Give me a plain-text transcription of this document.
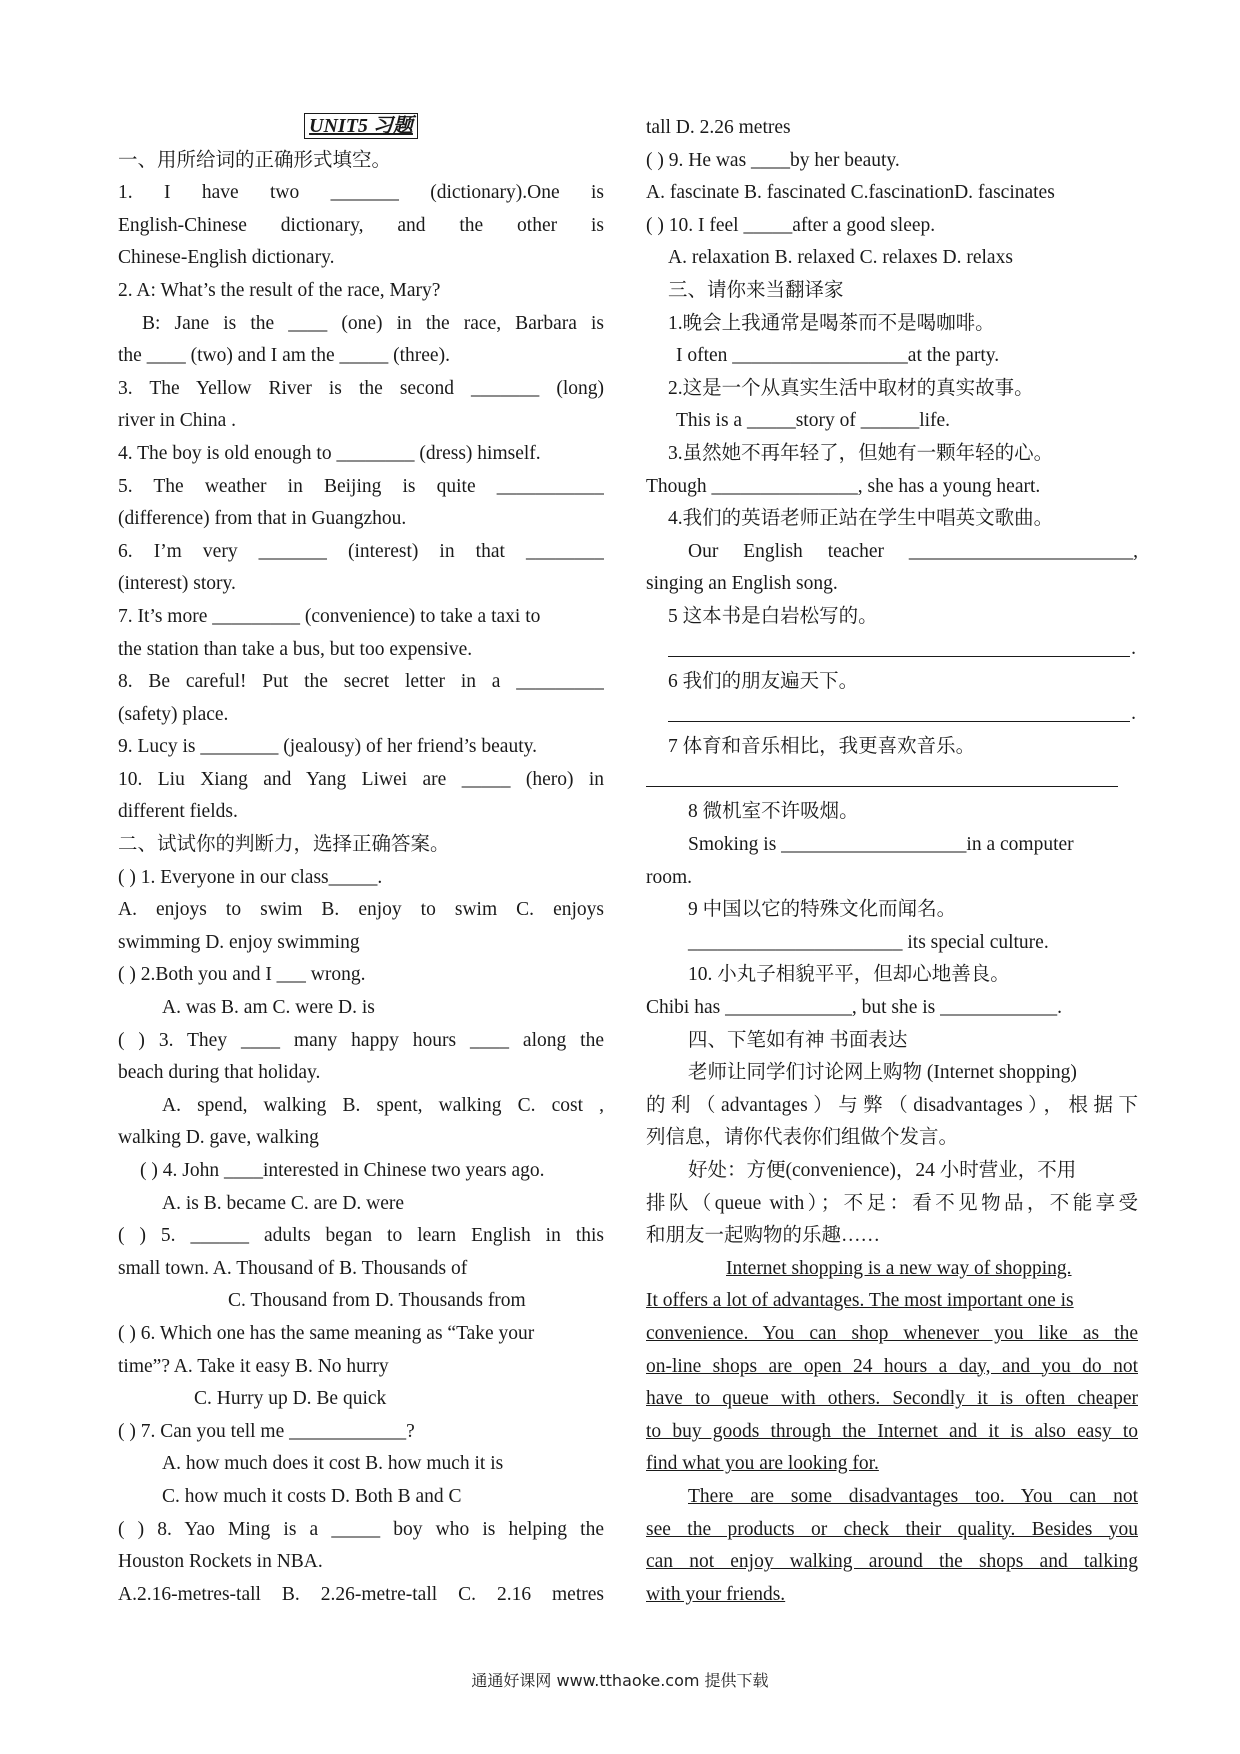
UNIT5 习题
一、用所给词的正确形式填空。
1. I have two _______ (dictionary).One is
English-Chinese dictionary, and the other is
Chinese-English dictionary.
2. A: What’s the result of the race, Mary?
B: Jane is the ____ (one) in the race, Barbara is
the ____ (two) and I am the _____ (three).
3. The Yellow River is the second _______ (long)
river in China .
4. The boy is old enough to ________ (dress) himself.
5. The weather in Beijing is quite ___________
(difference) from that in Guangzhou.
6. I’m very _______ (interest) in that ________
(interest) story.
7. It’s more _________ (convenience) to take a taxi to
the station than take a bus, but too expensive.
8. Be careful! Put the secret letter in a _________
(safety) place.
9. Lucy is ________ (jealousy) of her friend’s beauty.
10. Liu Xiang and Yang Liwei are _____ (hero) in
different fields.
二、试试你的判断力，选择正确答案。
( ) 1. Everyone in our class_____.
A. enjoys to swim B. enjoy to swim C. enjoys
swimming D. enjoy swimming
( ) 2.Both you and I ___ wrong.
A. was B. am C. were D. is
( ) 3. They ____ many happy hours ____ along the
beach during that holiday.
A. spend, walking B. spent, walking C. cost ,
walking D. gave, walking
( ) 4. John ____interested in Chinese two years ago.
A. is B. became C. are D. were
( ) 5. ______ adults began to learn English in this
small town. A. Thousand of B. Thousands of
C. Thousand from D. Thousands from
( ) 6. Which one has the same meaning as “Take your
time”? A. Take it easy B. No hurry
C. Hurry up D. Be quick
( ) 7. Can you tell me ____________?
A. how much does it cost B. how much it is
C. how much it costs D. Both B and C
( ) 8. Yao Ming is a _____ boy who is helping the
Houston Rockets in NBA.
A.2.16-metres-tall B. 2.26-metre-tall C. 2.16 metres
tall D. 2.26 metres
( ) 9. He was ____by her beauty.
A. fascinate B. fascinated C.fascinationD. fascinates
( ) 10. I feel _____after a good sleep.
A. relaxation B. relaxed C. relaxes D. relaxs
三、请你来当翻译家
1.晚会上我通常是喝茶而不是喝咖啡。
I often __________________at the party.
2.这是一个从真实生活中取材的真实故事。
This is a _____story of ______life.
3.虽然她不再年轻了，但她有一颗年轻的心。
Though _______________, she has a young heart.
4.我们的英语老师正站在学生中唱英文歌曲。
Our English teacher _______________________,
singing an English song.
5 这本书是白岩松写的。
.
6 我们的朋友遍天下。
.
7 体育和音乐相比，我更喜欢音乐。
8 微机室不许吸烟。
Smoking is ___________________in a computer
room.
9 中国以它的特殊文化而闻名。
______________________ its special culture.
10. 小丸子相貌平平，但却心地善良。
Chibi has _____________, but she is ____________.
四、下笔如有神 书面表达
老师让同学们讨论网上购物 (Internet shopping)
的利（advantages）与弊（disadvantages），根据下
列信息，请你代表你们组做个发言。
好处：方便(convenience)，24 小时营业，不用
排队（queue with）；不足：看不见物品，不能享受
和朋友一起购物的乐趣……
Internet shopping is a new way of shopping.
It offers a lot of advantages. The most important one is
convenience. You can shop whenever you like as the
on-line shops are open 24 hours a day, and you do not
have to queue with others. Secondly it is often cheaper
to buy goods through the Internet and it is also easy to
find what you are looking for.
There are some disadvantages too. You can not
see the products or check their quality. Besides you
can not enjoy walking around the shops and talking
with your friends.
通通好课网 www.tthaoke.com 提供下载
